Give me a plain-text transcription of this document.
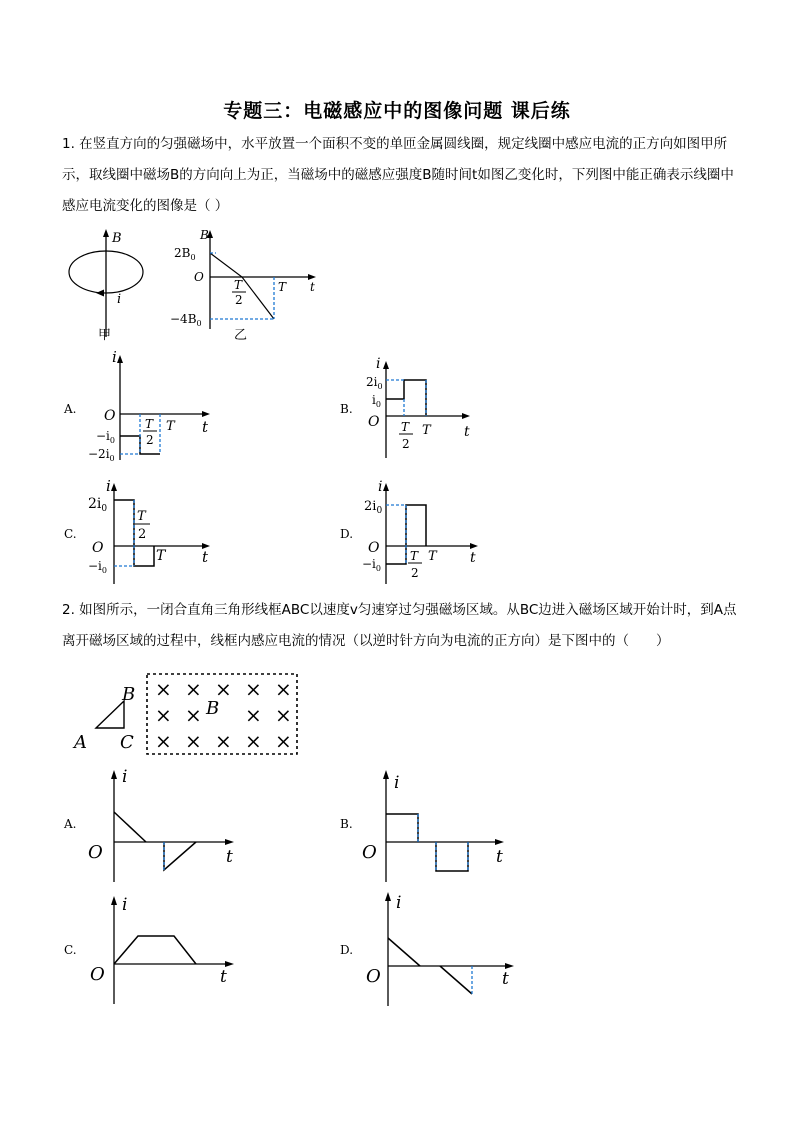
专题三：电磁感应中的图像问题 课后练
1. 在竖直方向的匀强磁场中，水平放置一个面积不变的单匝金属圆线圈，规定线圈中感应电流的正方向如图甲所示，取线圈中磁场B的方向向上为正，当磁场中的磁感应强度B随时间t如图乙变化时，下列图中能正确表示线圈中感应电流变化的图像是（ ）
B
i
甲
B
$2B_0$
O
T
2
T t
$-4B_0$
乙
A.
i
O
$-i_0$
$-2i_0$
T
2
T t
B.
i
$2i_0$
$i_0$
O T
2
T t
C.
i
$2i_0$ T
2
O	T t
$-i_0$
D.
i
$2i_0$
O	T
2
T t
$-i_0$
2. 如图所示，一闭合直角三角形线框ABC以速度v匀速穿过匀强磁场区域。从BC边进入磁场区域开始计时，到A点离开磁场区域的过程中，线框内感应电流的情况（以逆时针方向为电流的正方向）是下图中的（　　）
B
A C
× × × × ×
× × × ×
× × × × ×
B
A.
i
O	t
B.
i
O	t
C.
i
O	t
D.
i
O	t
